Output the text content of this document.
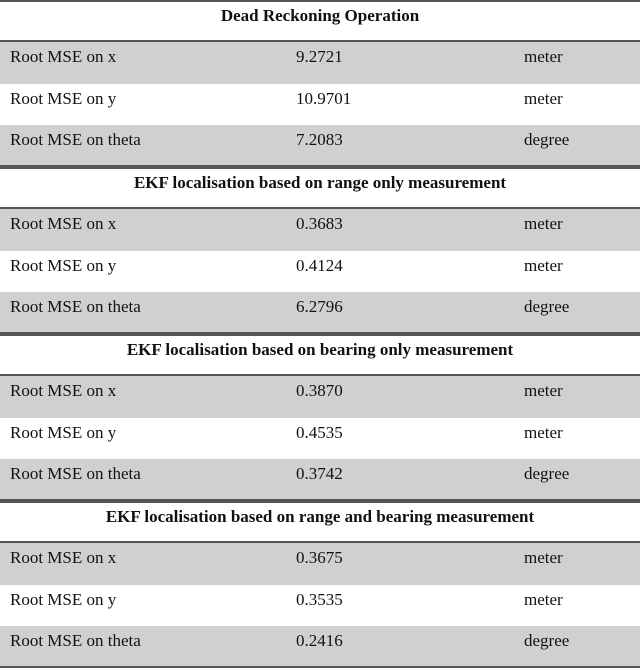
Dead Reckoning Operation
Root MSE on x	9.2721	meter
Root MSE on y	10.9701	meter
Root MSE on theta	7.2083	degree
EKF localisation based on range only measurement
Root MSE on x	0.3683	meter
Root MSE on y	0.4124	meter
Root MSE on theta	6.2796	degree
EKF localisation based on bearing only measurement
Root MSE on x	0.3870	meter
Root MSE on y	0.4535	meter
Root MSE on theta	0.3742	degree
EKF localisation based on range and bearing measurement
Root MSE on x	0.3675	meter
Root MSE on y	0.3535	meter
Root MSE on theta	0.2416	degree
